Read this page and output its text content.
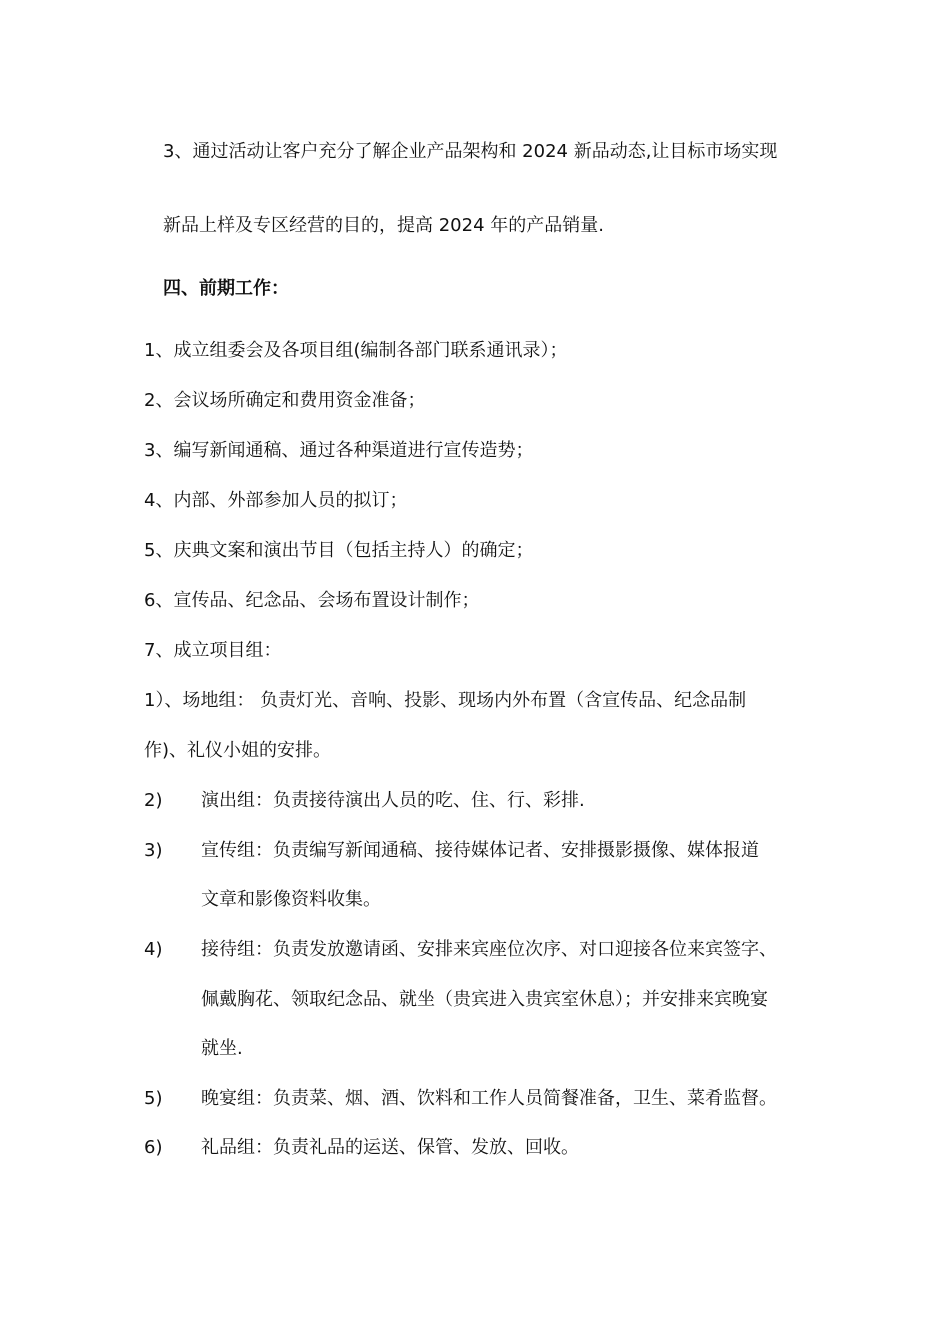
3、通过活动让客户充分了解企业产品架构和 2024 新品动态,让目标市场实现
新品上样及专区经营的目的，提高 2024 年的产品销量.
四、前期工作：
1、成立组委会及各项目组(编制各部门联系通讯录）；
2、会议场所确定和费用资金准备；
3、编写新闻通稿、通过各种渠道进行宣传造势；
4、内部、外部参加人员的拟订；
5、庆典文案和演出节目（包括主持人）的确定；
6、宣传品、纪念品、会场布置设计制作；
7、成立项目组：
1）、场地组： 负责灯光、音响、投影、现场内外布置（含宣传品、纪念品制
作)、礼仪小姐的安排。
2) 演出组：负责接待演出人员的吃、住、行、彩排.
3) 宣传组：负责编写新闻通稿、接待媒体记者、安排摄影摄像、媒体报道
文章和影像资料收集。
4) 接待组：负责发放邀请函、安排来宾座位次序、对口迎接各位来宾签字、
佩戴胸花、领取纪念品、就坐（贵宾进入贵宾室休息）；并安排来宾晚宴
就坐.
5) 晚宴组：负责菜、烟、酒、饮料和工作人员简餐准备，卫生、菜肴监督。
6) 礼品组：负责礼品的运送、保管、发放、回收。
